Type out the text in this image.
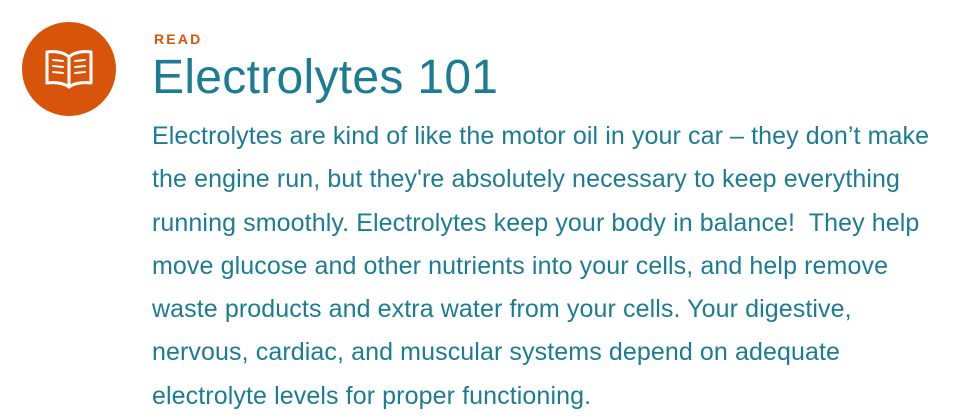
READ
Electrolytes 101

Electrolytes are kind of like the motor oil in your car – they don’t make the engine run, but they're absolutely necessary to keep everything running smoothly. Electrolytes keep your body in balance!  They help move glucose and other nutrients into your cells, and help remove waste products and extra water from your cells. Your digestive, nervous, cardiac, and muscular systems depend on adequate electrolyte levels for proper functioning.
